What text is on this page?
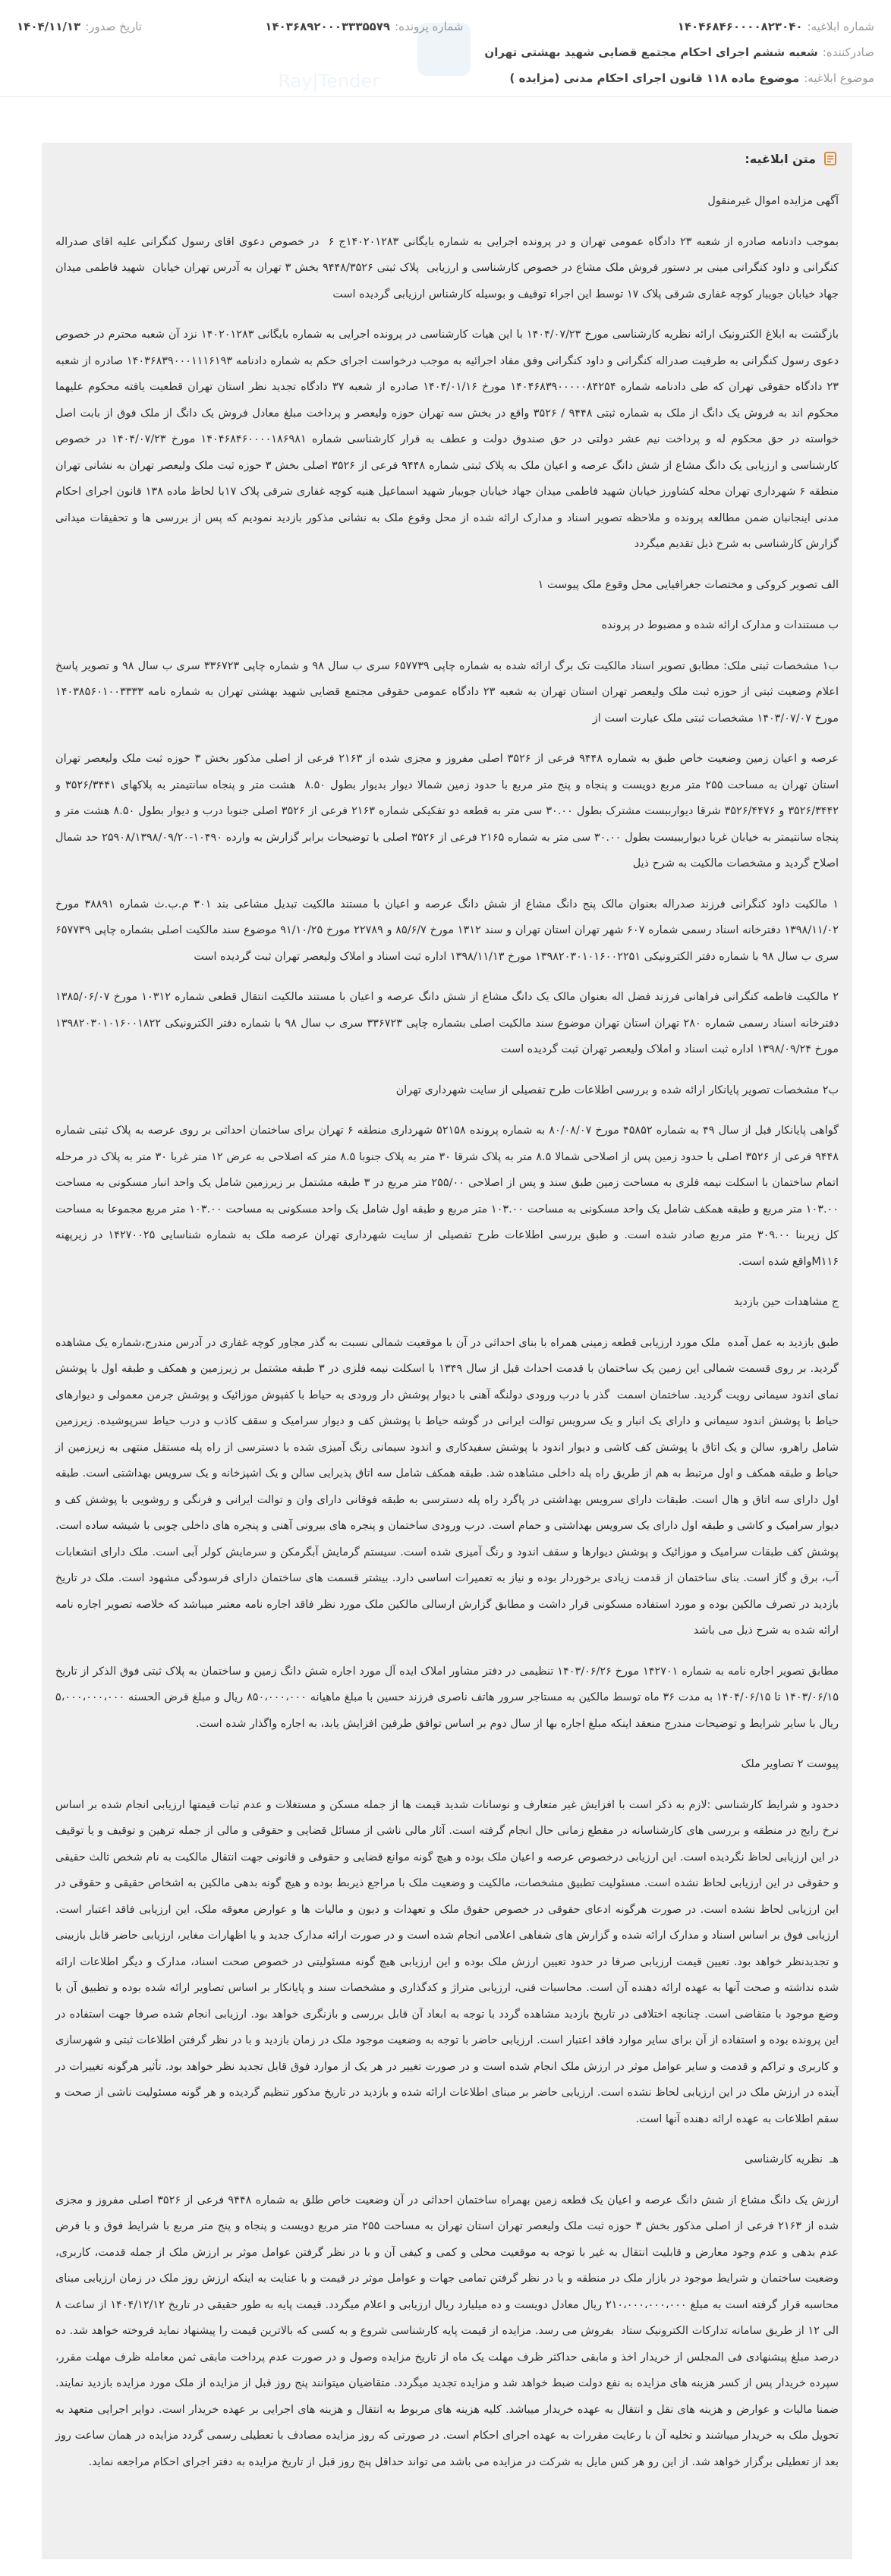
Ray|Tender
شماره ابلاغیه:
۱۴۰۴۶۸۴۶۰۰۰۰۸۲۳۰۴۰
شماره پرونده:
۱۴۰۳۶۸۹۲۰۰۰۳۳۳۵۵۷۹
تاریخ صدور:
۱۴۰۴/۱۱/۱۳
صادرکننده:
شعبه ششم اجرای احکام مجتمع قضایی شهید بهشتی تهران
موضوع ابلاغیه:
موضوع ماده ۱۱۸ قانون اجرای احکام مدنی (مزایده )
متن ابلاغیه:

آگهی مزایده اموال غیرمنقول

بموجب دادنامه صادره از شعبه ۲۳ دادگاه عمومی تهران و در پرونده اجرایی به شماره بایگانی ۱۴۰۲۰۱۲۸۳ج ۶  در خصوص دعوی اقای رسول کنگرانی علیه اقای صدراله کنگرانی و داود کنگرانی مبنی بر دستور فروش ملک مشاع در خصوص کارشناسی و ارزیابی  پلاک ثبتی ۹۴۴۸/۳۵۲۶ بخش ۳ تهران به آدرس تهران خیابان  شهید فاطمی میدان جهاد خیابان جویبار کوچه غفاری شرقی پلاک ۱۷ توسط این اجراء توقیف و بوسیله کارشناس ارزیابی گردیده است

بازگشت به ابلاغ الکترونیک ارائه نظریه کارشناسی مورخ ۱۴۰۴/۰۷/۲۳ با این هیات کارشناسی در پرونده اجرایی به شماره بایگانی ۱۴۰۲۰۱۲۸۳ نزد آن شعبه محترم در خصوص دعوی رسول کنگرانی به طرفیت صدراله کنگرانی و داود کنگرانی وفق مفاد اجرائیه به موجب درخواست اجرای حکم به شماره دادنامه ۱۴۰۳۶۸۳۹۰۰۰۱۱۱۶۱۹۳ صادره از شعبه ۲۳ دادگاه حقوقی تهران که طی دادنامه شماره ۱۴۰۴۶۸۳۹۰۰۰۰۰۸۴۲۵۴ مورخ ۱۴۰۴/۰۱/۱۶ صادره از شعبه ۳۷ دادگاه تجدید نظر استان تهران قطعیت یافته محکوم علیهما محکوم اند به فروش یک دانگ از ملک به شماره ثبتی ۹۴۴۸ / ۳۵۲۶ واقع در بخش سه تهران حوزه ولیعصر و پرداخت مبلغ معادل فروش یک دانگ از ملک فوق از بابت اصل خواسته در حق محکوم له و پرداخت نیم عشر دولتی در حق صندوق دولت و عطف به قرار کارشناسی شماره ۱۴۰۴۶۸۴۶۰۰۰۰۱۸۶۹۸۱ مورخ ۱۴۰۴/۰۷/۲۳ در خصوص کارشناسی و ارزیابی یک دانگ مشاع از شش دانگ عرصه و اعیان ملک به پلاک ثبتی شماره ۹۴۴۸ فرعی از ۳۵۲۶ اصلی بخش ۳ حوزه ثبت ملک ولیعصر تهران به نشانی تهران منطقه ۶ شهرداری تهران محله کشاورز خیابان شهید فاطمی میدان جهاد خیابان جویبار شهید اسماعیل هنیه کوچه غفاری شرقی پلاک ۱۷با لحاظ ماده ۱۳۸ قانون اجرای احکام مدنی اینجانبان ضمن مطالعه پرونده و ملاحظه تصویر اسناد و مدارک ارائه شده از محل وقوع ملک به نشانی مذکور بازدید نمودیم که پس از بررسی ها و تحقیقات میدانی گزارش کارشناسی به شرح ذیل تقدیم میگردد

الف تصویر کروکی و مختصات جغرافیایی محل وقوع ملک پیوست ۱

ب مستندات و مدارک ارائه شده و مضبوط در پرونده

ب۱ مشخصات ثبتی ملک: مطابق تصویر اسناد مالکیت تک برگ ارائه شده به شماره چاپی ۶۵۷۷۳۹ سری ب سال ۹۸ و شماره چاپی ۳۳۶۷۲۳ سری ب سال ۹۸ و تصویر پاسخ اعلام وضعیت ثبتی از حوزه ثبت ملک ولیعصر تهران استان تهران به شعبه ۲۳ دادگاه عمومی حقوقی مجتمع قضایی شهید بهشتی تهران به شماره نامه ۱۴۰۳۸۵۶۰۱۰۰۳۳۳۳ مورخ ۱۴۰۳/۰۷/۰۷ مشخصات ثبتی ملک عبارت است از

عرصه و اعیان زمین وضعیت خاص طبق به شماره ۹۴۴۸ فرعی از ۳۵۲۶ اصلی مفروز و مجزی شده از ۲۱۶۳ فرعی از اصلی مذکور بخش ۳ حوزه ثبت ملک ولیعصر تهران استان تهران به مساحت ۲۵۵ متر مربع دویست و پنجاه و پنج متر مربع با حدود زمین شمالا دیوار بدیوار بطول ۸.۵۰  هشت متر و پنجاه سانتیمتر به پلاکهای ۳۵۲۶/۳۴۴۱ و ۳۵۲۶/۳۴۴۲ و ۳۵۲۶/۴۴۷۶ شرقا دیوارببست مشترک بطول ۳۰.۰۰ سی متر به قطعه دو تفکیکی شماره ۲۱۶۳ فرعی از ۳۵۲۶ اصلی جنوبا درب و دیوار بطول ۸.۵۰ هشت متر و پنجاه سانتیمتر به خیابان غربا دیواربببست بطول ۳۰.۰۰ سی متر به شماره ۲۱۶۵ فرعی از ۳۵۲۶ اصلی با توضیحات برابر گزارش به وارده ۱۰۴۹۰-۲۵۹۰۸/۱۳۹۸/۰۹/۲۰ حد شمال اصلاح گردید و مشخصات مالکیت به شرح ذیل

۱ مالکیت داود کنگرانی فرزند صدراله بعنوان مالک پنج دانگ مشاع از شش دانگ عرصه و اعیان با مستند مالکیت تبدیل مشاعی بند ۳۰۱ م.ب.ث شماره ۳۸۸۹۱ مورخ ۱۳۹۸/۱۱/۰۲ دفترخانه اسناد رسمی شماره ۶۰۷ شهر تهران استان تهران و سند ۱۳۱۲ مورخ ۸۵/۶/۷ و ۲۲۷۸۹ مورخ ۹۱/۱۰/۲۵ موضوع سند مالکیت اصلی بشماره چاپی ۶۵۷۷۳۹ سری ب سال ۹۸ با شماره دفتر الکترونیکی ۱۳۹۸۲۰۳۰۱۰۱۶۰۰۲۲۵۱ مورخ ۱۳۹۸/۱۱/۱۳ اداره ثبت اسناد و املاک ولیعصر تهران ثبت گردیده است

۲ مالکیت فاطمه کنگرانی فراهانی فرزند فضل اله بعنوان مالک یک دانگ مشاع از شش دانگ عرصه و اعیان با مستند مالکیت انتقال قطعی شماره ۱۰۳۱۲ مورخ ۱۳۸۵/۰۶/۰۷ دفترخانه اسناد رسمی شماره ۲۸۰ تهران استان تهران موضوع سند مالکیت اصلی بشماره چاپی ۳۳۶۷۲۳ سری ب سال ۹۸ با شماره دفتر الکترونیکی ۱۳۹۸۲۰۳۰۱۰۱۶۰۰۱۸۲۲ مورخ ۱۳۹۸/۰۹/۲۴ اداره ثبت اسناد و املاک ولیعصر تهران ثبت گردیده است

ب۲ مشخصات تصویر پایانکار ارائه شده و بررسی اطلاعات طرح تفصیلی از سایت شهرداری تهران

گواهی پایانکار قبل از سال ۴۹ به شماره ۴۵۸۵۲ مورخ ۸۰/۰۸/۰۷ به شماره پرونده ۵۲۱۵۸ شهرداری منطقه ۶ تهران برای ساختمان احداثی بر روی عرصه به پلاک ثبتی شماره ۹۴۴۸ فرعی از ۳۵۲۶ اصلی با حدود زمین پس از اصلاحی شمالا ۸.۵ متر به پلاک شرقا ۳۰ متر به پلاک جنوبا ۸.۵ متر که اصلاحی به عرض ۱۲ متر غربا ۳۰ متر به پلاک در مرحله اتمام ساختمان با اسکلت نیمه فلزی به مساحت زمین طبق سند و پس از اصلاحی ۲۵۵/۰۰ متر مربع در ۳ طبقه مشتمل بر زیرزمین شامل یک واحد انبار مسکونی به مساحت ۱۰۳.۰۰ متر مربع و طبقه همکف شامل یک واحد مسکونی به مساحت ۱۰۳.۰۰ متر مربع و طبقه اول شامل یک واحد مسکونی به مساحت ۱۰۳.۰۰ متر مربع مجموعا به مساحت کل زیربنا ۳۰۹.۰۰ متر مربع صادر شده است. و طبق بررسی اطلاعات طرح تفصیلی از سایت شهرداری تهران عرصه ملک به شماره شناسایی ۱۴۲۷۰۰۲۵ در زیرپهنه  M۱۱۶واقع شده است.

ج مشاهدات حین بازدید

طبق بازدید به عمل آمده  ملک مورد ارزیابی قطعه زمینی همراه با بنای احداثی در آن با موقعیت شمالی نسبت به گذر مجاور کوچه غفاری در آدرس مندرج،شماره یک مشاهده گردید. بر روی قسمت شمالی این زمین یک ساختمان با قدمت احداث قبل از سال ۱۳۴۹ با اسکلت نیمه فلزی در ۳ طبقه مشتمل بر زیرزمین و همکف و طبقه اول با پوشش نمای اندود سیمانی رویت گردید. ساختمان اسمت  گذر با درب ورودی دولنگه آهنی با دیوار پوشش دار ورودی به حیاط با کفپوش موزائیک و پوشش جرمن معمولی و دیوارهای حیاط با پوشش اندود سیمانی و دارای یک انبار و یک سرویس توالت ایرانی در گوشه حیاط با پوشش کف و دیوار سرامیک و سقف کاذب و درب حیاط سرپوشیده. زیرزمین شامل راهرو، سالن و یک اتاق با پوشش کف کاشی و دیوار اندود با پوشش سفیدکاری و اندود سیمانی رنگ آمیزی شده با دسترسی از راه پله مستقل منتهی به زیرزمین از حیاط و طبقه همکف و اول مرتبط به هم از طریق راه پله داخلی مشاهده شد. طبقه همکف شامل سه اتاق پذیرایی سالن و یک اشپزخانه و یک سرویس بهداشتی است. طبقه اول دارای سه اتاق و هال است. طبقات دارای سرویس بهداشتی در پاگرد راه پله دسترسی به طبقه فوقانی دارای وان و توالت ایرانی و فرنگی و روشویی با پوشش کف و دیوار سرامیک و کاشی و طبقه اول دارای یک سرویس بهداشتی و حمام است. درب ورودی ساختمان و پنجره های بیرونی آهنی و پنجره های داخلی چوبی با شیشه ساده است. پوشش کف طبقات سرامیک و موزائیک و پوشش دیوارها و سقف اندود و رنگ آمیزی شده است. سیستم گرمایش آبگرمکن و سرمایش کولر آبی است. ملک دارای انشعابات آب، برق و گاز است. بنای ساختمان از قدمت زیادی برخوردار بوده و نیاز به تعمیرات اساسی دارد. بیشتر قسمت های ساختمان دارای فرسودگی مشهود است. ملک در تاریخ بازدید در تصرف مالکین بوده و مورد استفاده مسکونی قرار داشت و مطابق گزارش ارسالی مالکین ملک مورد نظر فاقد اجاره نامه معتبر میباشد که خلاصه تصویر اجاره نامه ارائه شده به شرح ذیل می باشد

مطابق تصویر اجاره نامه به شماره ۱۴۲۷۰۱ مورخ ۱۴۰۳/۰۶/۲۶ تنظیمی در دفتر مشاور املاک ایده آل مورد اجاره شش دانگ زمین و ساختمان به پلاک ثبتی فوق الذکر از تاریخ ۱۴۰۳/۰۶/۱۵ تا ۱۴۰۴/۰۶/۱۵ به مدت ۳۶ ماه توسط مالکین به مستاجر سرور هاتف ناصری فرزند حسین با مبلغ ماهیانه ۸۵۰،۰۰۰،۰۰۰ ریال و مبلغ قرض الحسنه ۵،۰۰۰،۰۰۰،۰۰۰ ریال با سایر شرایط و توضیحات مندرج منعقد اینکه مبلغ اجاره بها از سال دوم بر اساس توافق طرفین افزایش یابد، به اجاره واگذار شده است.

پیوست ۲ تصاویر ملک

دحدود و شرایط کارشناسی :لازم به ذکر است با افزایش غیر متعارف و نوسانات شدید قیمت ها از جمله مسکن و مستغلات و عدم ثبات قیمتها ارزیابی انجام شده بر اساس نرخ رایج در منطقه و بررسی های کارشناسانه در مقطع زمانی حال انجام گرفته است. آثار مالی ناشی از مسائل قضایی و حقوقی و مالی از جمله ترهین و توقیف و یا توقیف در این ارزیابی لحاظ نگردیده است. این ارزیابی درخصوص عرصه و اعیان ملک بوده و هیچ گونه موانع قضایی و حقوقی و قانونی جهت انتقال مالکیت به نام شخص ثالث حقیقی و حقوقی در این ارزیابی لحاظ نشده است. مسئولیت تطبیق مشخصات، مالکیت و وضعیت ملک با مراجع ذیربط بوده و هیچ گونه بدهی مالکین به اشخاص حقیقی و حقوقی در این ارزیابی لحاظ نشده است. در صورت هرگونه ادعای حقوقی در خصوص حقوق ملک و تعهدات و دیون و مالیات ها و عوارض معوقه ملک، این ارزیابی فاقد اعتبار است. ارزیابی فوق بر اساس اسناد و مدارک ارائه شده و گزارش های شفاهی اعلامی انجام شده است و در صورت ارائه مدارک جدید و یا اظهارات مغایر، ارزیابی حاضر قابل بازبینی و تجدیدنظر خواهد بود. تعیین قیمت ارزیابی صرفا در حدود تعیین ارزش ملک بوده و این ارزیابی هیچ گونه مسئولیتی در خصوص صحت اسناد، مدارک و دیگر اطلاعات ارائه شده نداشته و صحت آنها به عهده ارائه دهنده آن است. محاسبات فنی، ارزیابی متراژ و کدگذاری و مشخصات سند و پایانکار بر اساس تصاویر ارائه شده بوده و تطبیق آن با وضع موجود با متقاضی است. چنانچه اختلافی در تاریخ بازدید مشاهده گردد با توجه به ابعاد آن قابل بررسی و بازنگری خواهد بود. ارزیابی انجام شده صرفا جهت استفاده در این پرونده بوده و استفاده از آن برای سایر موارد فاقد اعتبار است. ارزیابی حاضر با توجه به وضعیت موجود ملک در زمان بازدید و با در نظر گرفتن اطلاعات ثبتی و شهرسازی و کاربری و تراکم و قدمت و سایر عوامل موثر در ارزش ملک انجام شده است و در صورت تغییر در هر یک از موارد فوق قابل تجدید نظر خواهد بود. تأثیر هرگونه تغییرات در آینده در ارزش ملک در این ارزیابی لحاظ نشده است. ارزیابی حاضر بر مبنای اطلاعات ارائه شده و بازدید در تاریخ مذکور تنظیم گردیده و هر گونه مسئولیت ناشی از صحت و سقم اطلاعات به عهده ارائه دهنده آنها است.

هـ  نظریه کارشناسی

ارزش یک دانگ مشاع از شش دانگ عرصه و اعیان یک قطعه زمین بهمراه ساختمان احداثی در آن وضعیت خاص طلق به شماره ۹۴۴۸ فرعی از ۳۵۲۶ اصلی مفروز و مجزی شده از ۲۱۶۳ فرعی از اصلی مذکور بخش ۳ حوزه ثبت ملک ولیعصر تهران استان تهران به مساحت ۲۵۵ متر مربع دویست و پنجاه و پنج متر مربع با شرایط فوق و با فرض عدم بدهی و عدم وجود معارض و قابلیت انتقال به غیر با توجه به موقعیت محلی و کمی و کیفی آن و با در نظر گرفتن عوامل موثر بر ارزش ملک از جمله قدمت، کاربری، وضعیت ساختمان و شرایط موجود در بازار ملک در منطقه و با در نظر گرفتن تمامی جهات و عوامل موثر در قیمت و با عنایت به اینکه ارزش روز ملک در زمان ارزیابی مبنای محاسبه قرار گرفته است به مبلغ ۲۱۰،۰۰۰،۰۰۰،۰۰۰ ریال معادل دویست و ده میلیارد ریال ارزیابی و اعلام میگردد. قیمت پایه به طور حقیقی در تاریخ ۱۴۰۴/۱۲/۱۲ از ساعت ۸ الی ۱۲ از طریق سامانه تدارکات الکترونیک ستاد  بفروش می رسد. مزایده از قیمت پایه کارشناسی شروع و به کسی که بالاترین قیمت را پیشنهاد نماید فروخته خواهد شد. ده درصد مبلغ پیشنهادی فی المجلس از خریدار اخذ و مابقی حداکثر ظرف مهلت یک ماه از تاریخ مزایده وصول و در صورت عدم پرداخت مابقی ثمن معامله ظرف مهلت مقرر، سپرده خریدار پس از کسر هزینه های مزایده به نفع دولت ضبط خواهد شد و مزایده تجدید میگردد. متقاضیان میتوانند پنج روز قبل از مزایده از ملک مورد مزایده بازدید نمایند. ضمنا مالیات و عوارض و هزینه های نقل و انتقال به عهده خریدار میباشد. کلیه هزینه های مربوط به انتقال و هزینه های اجرایی بر عهده خریدار است. دوایر اجرایی متعهد به تحویل ملک به خریدار میباشند و تخلیه آن با رعایت مقررات به عهده اجرای احکام است. در صورتی که روز مزایده مصادف با تعطیلی رسمی گردد مزایده در همان ساعت روز بعد از تعطیلی برگزار خواهد شد. از این رو هر کس مایل به شرکت در مزایده می باشد می تواند حداقل پنج روز قبل از تاریخ مزایده به دفتر اجرای احکام مراجعه نماید.
